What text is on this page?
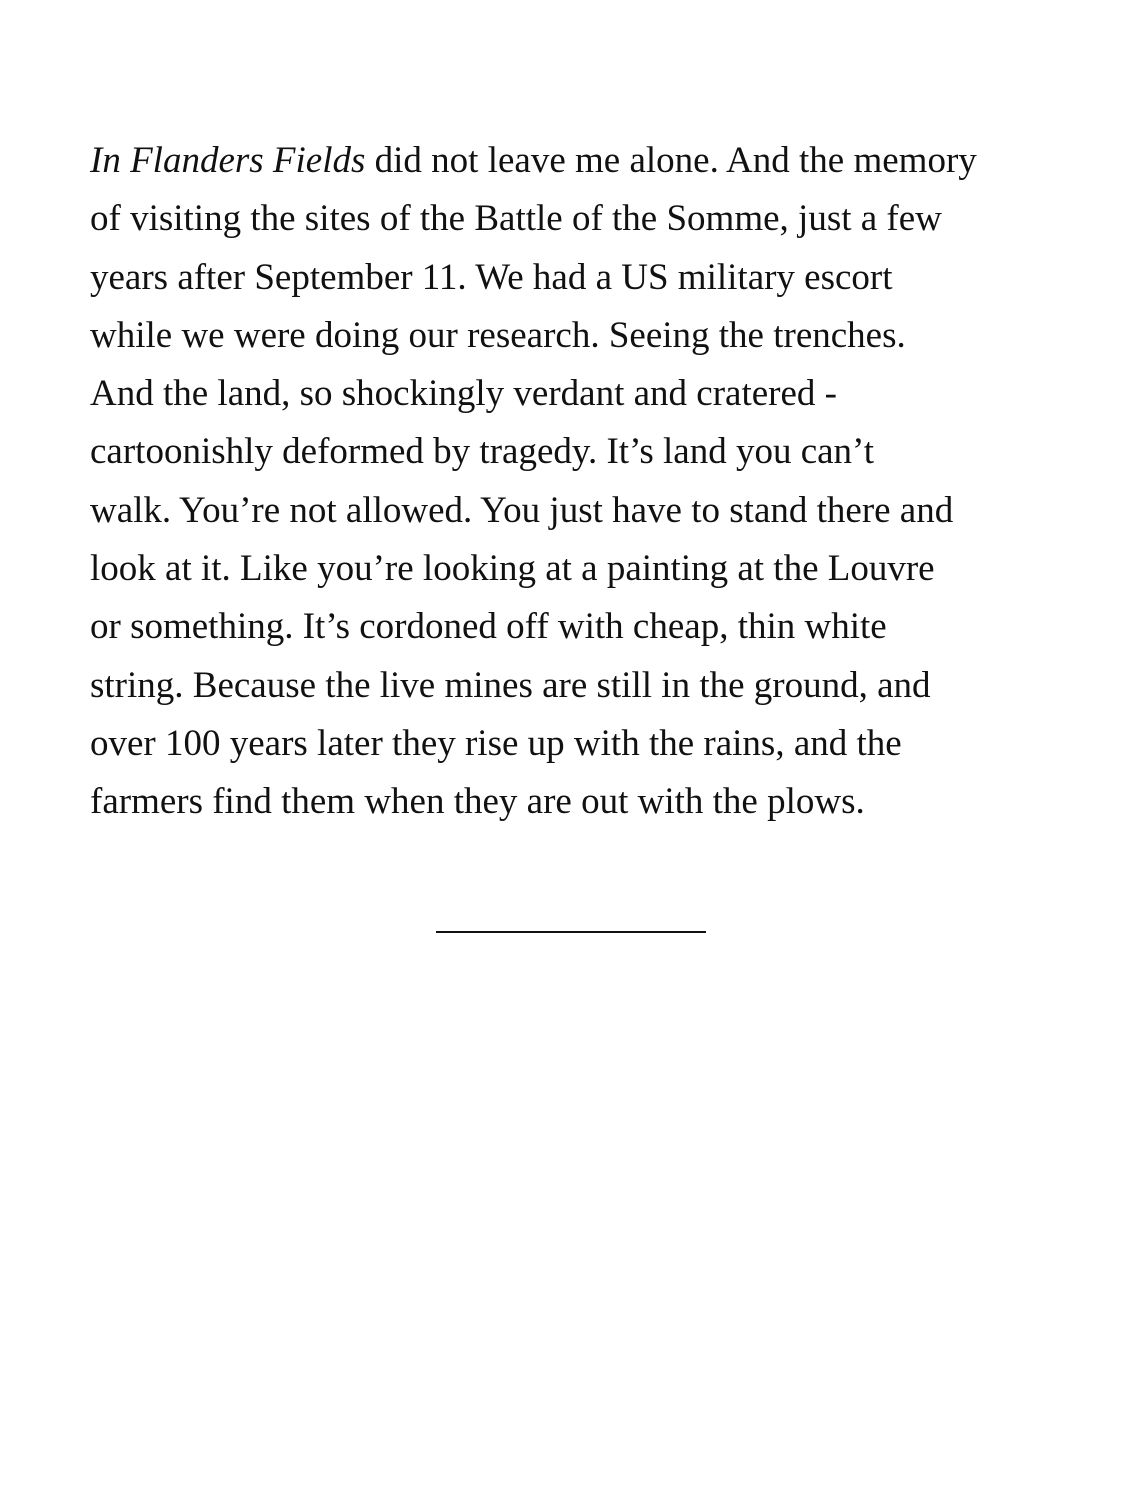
In Flanders Fields did not leave me alone. And the memory
of visiting the sites of the Battle of the Somme, just a few
years after September 11. We had a US military escort
while we were doing our research. Seeing the trenches.
And the land, so shockingly verdant and cratered -
cartoonishly deformed by tragedy. It’s land you can’t
walk. You’re not allowed. You just have to stand there and
look at it. Like you’re looking at a painting at the Louvre
or something. It’s cordoned off with cheap, thin white
string. Because the live mines are still in the ground, and
over 100 years later they rise up with the rains, and the
farmers find them when they are out with the plows.
